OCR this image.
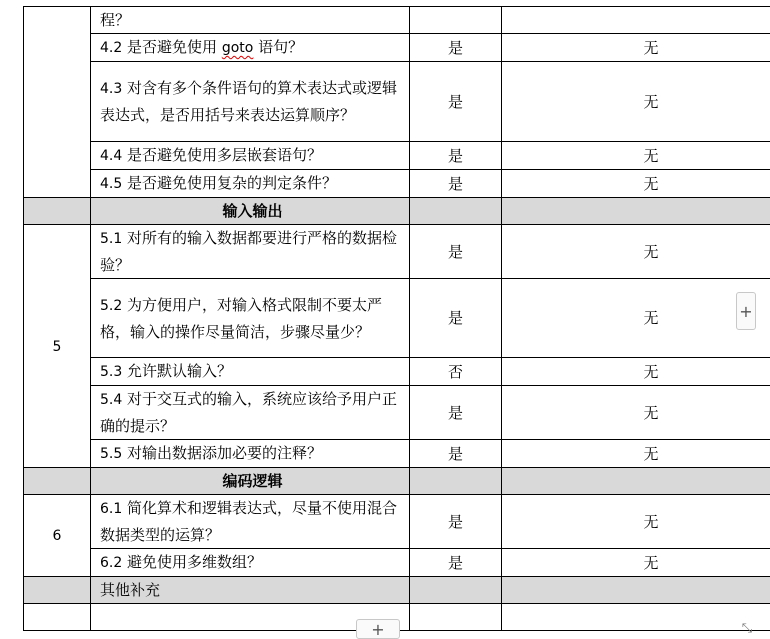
	程？		
	4.2 是否避免使用 goto 语句？	是	无
	4.3 对含有多个条件语句的算术表达式或逻辑表达式，是否用括号来表达运算顺序？	是	无
	4.4 是否避免使用多层嵌套语句？	是	无
	4.5 是否避免使用复杂的判定条件？	是	无
	输入输出		
5	5.1 对所有的输入数据都要进行严格的数据检验？	是	无
	5.2 为方便用户，对输入格式限制不要太严格，输入的操作尽量简洁，步骤尽量少？	是	无
	5.3 允许默认输入？	否	无
	5.4 对于交互式的输入，系统应该给予用户正确的提示？	是	无
	5.5 对输出数据添加必要的注释？	是	无
	编码逻辑		
6	6.1 简化算术和逻辑表达式，尽量不使用混合数据类型的运算？	是	无
	6.2 避免使用多维数组？	是	无
	其他补充		

+
+	⤡
